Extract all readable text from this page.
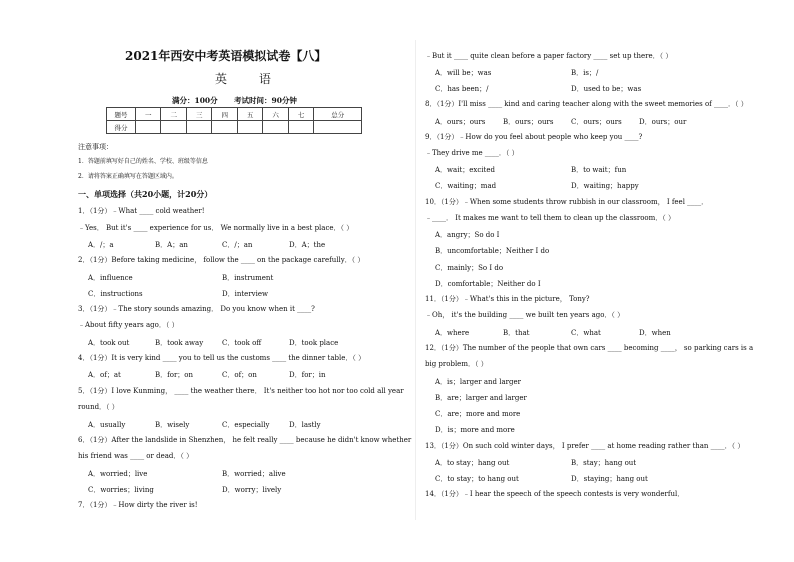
2021年西安中考英语模拟试卷【八】
英 语
满分：100分 考试时间：90分钟
题号	一	二	三	四	五	六	七	总分
得分								
注意事项：
1．答题前填写好自己的姓名、学校、班级等信息
2．请将答案正确填写在答题区域内。
一、单项选择（共20小题，计20分）
1．（1分）﹣What ____ cold weather!
﹣Yes． But it's ____ experience for us． We normally live in a best place．（ ）
A．/；a	B．A；an	C．/；an	D．A；the
2．（1分）Before taking medicine， follow the ____ on the package carefully．（ ）
A．influence	B．instrument
C．instructions	D．interview
3．（1分）﹣The story sounds amazing． Do you know when it ____?
﹣About fifty years ago．（ ）
A．took out	B．took away	C．took off	D．took place
4．（1分）It is very kind ____ you to tell us the customs ____ the dinner table．（ ）
A．of；at	B．for；on	C．of；on	D．for；in
5．（1分）I love Kunming， ____ the weather there． It's neither too hot nor too cold all year
round．（ ）
A．usually	B．wisely	C．especially	D．lastly
6．（1分）After the landslide in Shenzhen， he felt really ____ because he didn't know whether
his friend was ____ or dead．（ ）
A．worried；live	B．worried；alive
C．worries；living	D．worry；lively
7．（1分）﹣How dirty the river is!
﹣But it ____ quite clean before a paper factory ____ set up there．（ ）
A．will be；was	B．is；/
C．has been；/	D．used to be；was
8．（1分）I'll miss ____ kind and caring teacher along with the sweet memories of ____．（ ）
A．ours；ours	B．ours；ours	C．ours；ours D．ours；our
9．（1分）﹣How do you feel about people who keep you ____?
﹣They drive me ____．（ ）
A．wait；excited	B．to wait；fun
C．waiting；mad	D．waiting；happy
10．（1分）﹣When some students throw rubbish in our classroom， I feel ____．
﹣____． It makes me want to tell them to clean up the classroom．（ ）
A．angry；So do I
B．uncomfortable；Neither I do
C．mainly；So I do
D．comfortable；Neither do I
11．（1分）﹣What's this in the picture， Tony?
﹣Oh， it's the building ____ we built ten years ago．（ ）
A．where	B．that	C．what	D．when
12．（1分）The number of the people that own cars ____ becoming ____， so parking cars is a
big problem．（ ）
A．is；larger and larger
B．are；larger and larger
C．are；more and more
D．is；more and more
13．（1分）On such cold winter days， I prefer ____ at home reading rather than ____．（ ）
A．to stay；hang out	B．stay；hang out
C．to stay；to hang out	D．staying；hang out
14．（1分）﹣I hear the speech of the speech contests is very wonderful．
